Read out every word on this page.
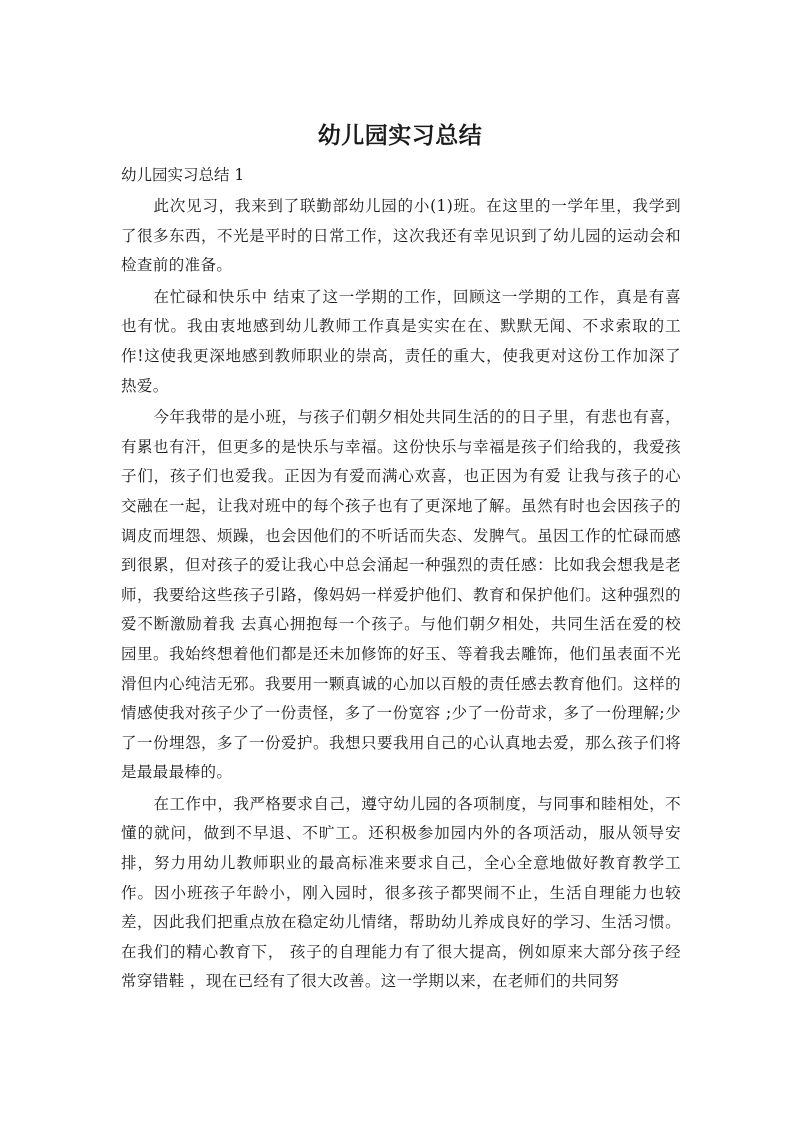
幼儿园实习总结

幼儿园实习总结 1

此次见习，我来到了联勤部幼儿园的小(1)班。在这里的一学年里，我学到了很多东西，不光是平时的日常工作，这次我还有幸见识到了幼儿园的运动会和检查前的准备。

在忙碌和快乐中 结束了这一学期的工作，回顾这一学期的工作，真是有喜也有忧。我由衷地感到幼儿教师工作真是实实在在、默默无闻、不求索取的工作!这使我更深地感到教师职业的崇高，责任的重大，使我更对这份工作加深了热爱。

今年我带的是小班，与孩子们朝夕相处共同生活的的日子里，有悲也有喜，有累也有汗，但更多的是快乐与幸福。这份快乐与幸福是孩子们给我的，我爱孩子们，孩子们也爱我。正因为有爱而满心欢喜，也正因为有爱 让我与孩子的心交融在一起，让我对班中的每个孩子也有了更深地了解。虽然有时也会因孩子的调皮而埋怨、烦躁，也会因他们的不听话而失态、发脾气。虽因工作的忙碌而感到很累，但对孩子的爱让我心中总会涌起一种强烈的责任感：比如我会想我是老师，我要给这些孩子引路，像妈妈一样爱护他们、教育和保护他们。这种强烈的爱不断激励着我 去真心拥抱每一个孩子。与他们朝夕相处，共同生活在爱的校园里。我始终想着他们都是还未加修饰的好玉、等着我去雕饰，他们虽表面不光滑但内心纯洁无邪。我要用一颗真诚的心加以百般的责任感去教育他们。这样的情感使我对孩子少了一份责怪，多了一份宽容 ;少了一份苛求，多了一份理解;少了一份埋怨，多了一份爱护。我想只要我用自己的心认真地去爱，那么孩子们将是最最最棒的。

在工作中，我严格要求自己，遵守幼儿园的各项制度，与同事和睦相处，不懂的就问，做到不早退、不旷工。还积极参加园内外的各项活动，服从领导安排，努力用幼儿教师职业的最高标准来要求自己，全心全意地做好教育教学工作。因小班孩子年龄小，刚入园时，很多孩子都哭闹不止，生活自理能力也较差，因此我们把重点放在稳定幼儿情绪，帮助幼儿养成良好的学习、生活习惯。 在我们的精心教育下， 孩子的自理能力有了很大提高，例如原来大部分孩子经常穿错鞋 ，现在已经有了很大改善。这一学期以来，在老师们的共同努
